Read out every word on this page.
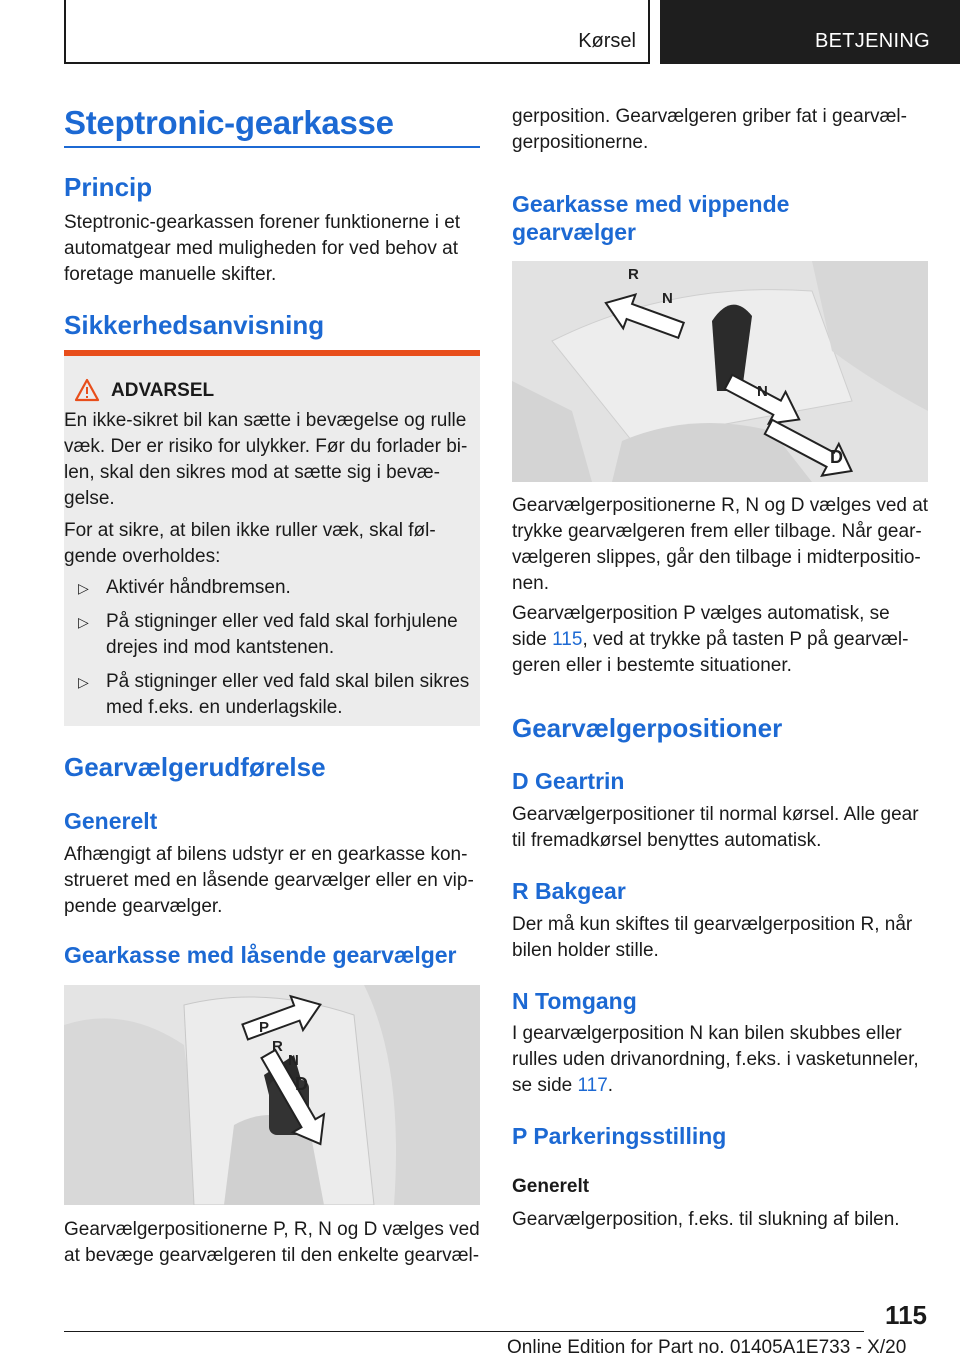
Kørsel	BETJENING
Steptronic-gearkasse
Princip
Steptronic-gearkassen forener funktionerne i et
automatgear med muligheden for ved behov at
foretage manuelle skifter.
Sikkerhedsanvisning
ADVARSEL
En ikke-sikret bil kan sætte i bevægelse og rulle
væk. Der er risiko for ulykker. Før du forlader bi-
len, skal den sikres mod at sætte sig i bevæ-
gelse.
For at sikre, at bilen ikke ruller væk, skal føl-
gende overholdes:
▷ Aktivér håndbremsen.
▷ På stigninger eller ved fald skal forhjulene
drejes ind mod kantstenen.
▷ På stigninger eller ved fald skal bilen sikres
med f.eks. en underlagskile.
Gearvælgerudførelse
Generelt
Afhængigt af bilens udstyr er en gearkasse kon-
strueret med en låsende gearvælger eller en vip-
pende gearvælger.
Gearkasse med låsende gearvælger
P
R
N
D
Gearvælgerpositionerne P, R, N og D vælges ved
at bevæge gearvælgeren til den enkelte gearvæl-
gerposition. Gearvælgeren griber fat i gearvæl-
gerpositionerne.
Gearkasse med vippende
gearvælger
R
N
N
D
Gearvælgerpositionerne R, N og D vælges ved at
trykke gearvælgeren frem eller tilbage. Når gear-
vælgeren slippes, går den tilbage i midterpositio-
nen.
Gearvælgerposition P vælges automatisk, se
side 115, ved at trykke på tasten P på gearvæl-
geren eller i bestemte situationer.
Gearvælgerpositioner
D Geartrin
Gearvælgerpositioner til normal kørsel. Alle gear
til fremadkørsel benyttes automatisk.
R Bakgear
Der må kun skiftes til gearvælgerposition R, når
bilen holder stille.
N Tomgang
I gearvælgerposition N kan bilen skubbes eller
rulles uden drivanordning, f.eks. i vasketunneler,
se side 117.
P Parkeringsstilling
Generelt
Gearvælgerposition, f.eks. til slukning af bilen.
115
Online Edition for Part no. 01405A1E733 - X/20
